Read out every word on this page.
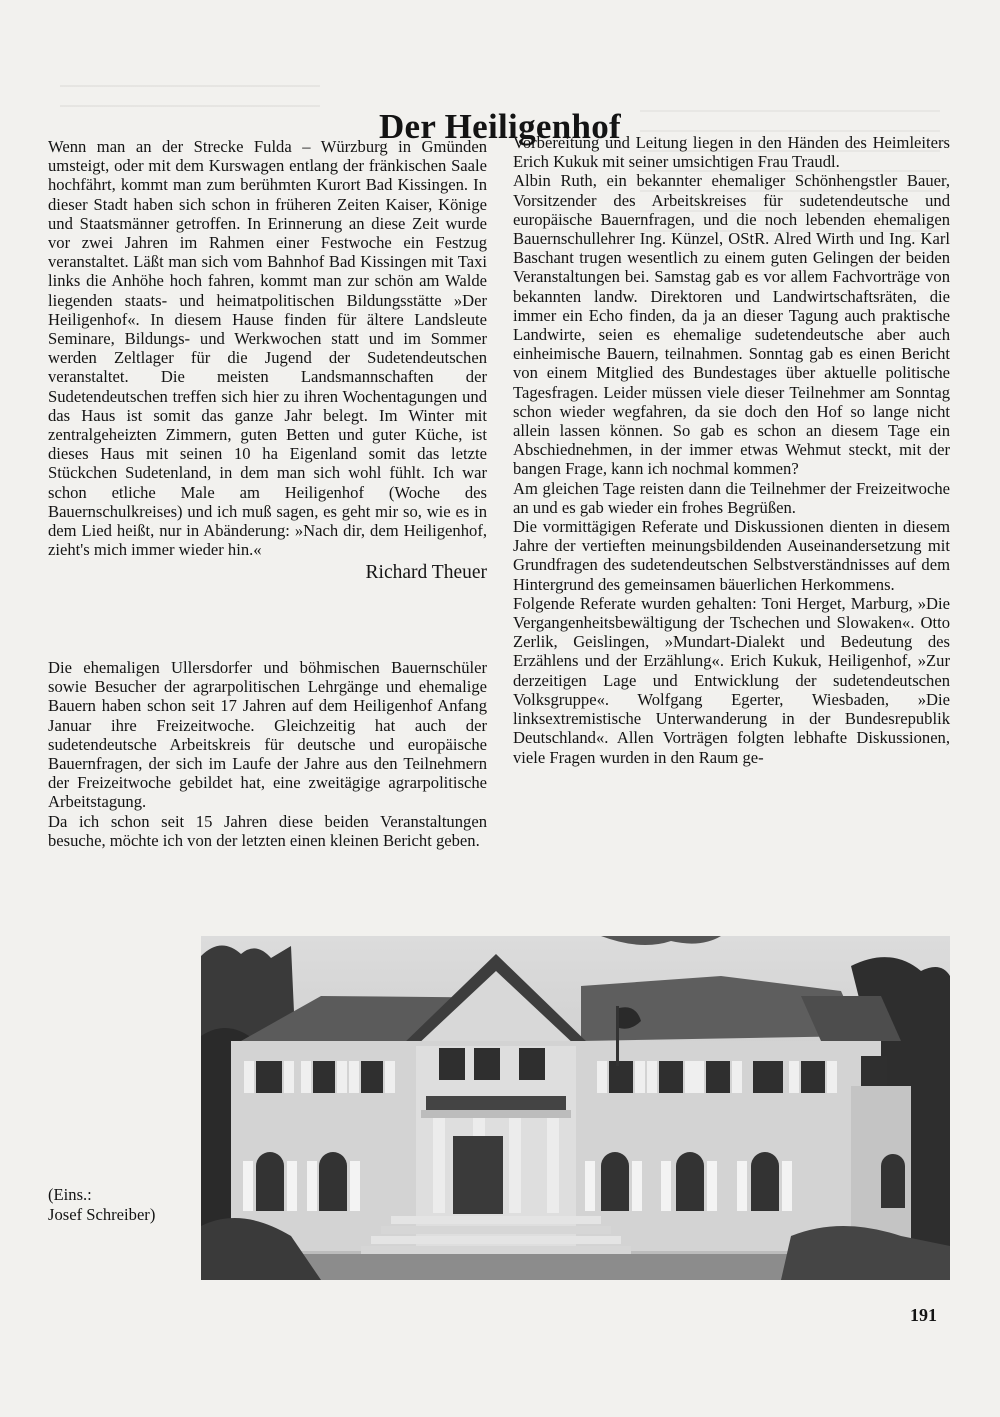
Der Heiligenhof

Wenn man an der Strecke Fulda – Würzburg in Gmünden umsteigt, oder mit dem Kurswagen entlang der fränkischen Saale hochfährt, kommt man zum berühmten Kurort Bad Kissingen. In dieser Stadt haben sich schon in früheren Zeiten Kaiser, Könige und Staatsmänner getroffen. In Erinnerung an diese Zeit wurde vor zwei Jahren im Rahmen einer Festwoche ein Festzug veranstaltet. Läßt man sich vom Bahnhof Bad Kissingen mit Taxi links die Anhöhe hoch fahren, kommt man zur schön am Walde liegenden staats- und heimatpolitischen Bildungsstätte »Der Heiligenhof«. In diesem Hause finden für ältere Landsleute Seminare, Bildungs- und Werkwochen statt und im Sommer werden Zeltlager für die Jugend der Sudetendeutschen veranstaltet. Die meisten Landsmannschaften der Sudetendeutschen treffen sich hier zu ihren Wochentagungen und das Haus ist somit das ganze Jahr belegt. Im Winter mit zentralgeheizten Zimmern, guten Betten und guter Küche, ist dieses Haus mit seinen 10 ha Eigenland somit das letzte Stückchen Sudetenland, in dem man sich wohl fühlt. Ich war schon etliche Male am Heiligenhof (Woche des Bauernschulkreises) und ich muß sagen, es geht mir so, wie es in dem Lied heißt, nur in Abänderung: »Nach dir, dem Heiligenhof, zieht's mich immer wieder hin.«

Richard Theuer

Die ehemaligen Ullersdorfer und böhmischen Bauernschüler sowie Besucher der agrarpolitischen Lehrgänge und ehemalige Bauern haben schon seit 17 Jahren auf dem Heiligenhof Anfang Januar ihre Freizeitwoche. Gleichzeitig hat auch der sudetendeutsche Arbeitskreis für deutsche und europäische Bauernfragen, der sich im Laufe der Jahre aus den Teilnehmern der Freizeitwoche gebildet hat, eine zweitägige agrarpolitische Arbeitstagung.

Da ich schon seit 15 Jahren diese beiden Veranstaltungen besuche, möchte ich von der letzten einen kleinen Bericht geben.

Vorbereitung und Leitung liegen in den Händen des Heimleiters Erich Kukuk mit seiner umsichtigen Frau Traudl.

Albin Ruth, ein bekannter ehemaliger Schönhengstler Bauer, Vorsitzender des Arbeitskreises für sudetendeutsche und europäische Bauernfragen, und die noch lebenden ehemaligen Bauernschullehrer Ing. Künzel, OStR. Alred Wirth und Ing. Karl Baschant trugen wesentlich zu einem guten Gelingen der beiden Veranstaltungen bei. Samstag gab es vor allem Fachvorträge von bekannten landw. Direktoren und Landwirtschaftsräten, die immer ein Echo finden, da ja an dieser Tagung auch praktische Landwirte, seien es ehemalige sudetendeutsche aber auch einheimische Bauern, teilnahmen. Sonntag gab es einen Bericht von einem Mitglied des Bundestages über aktuelle politische Tagesfragen. Leider müssen viele dieser Teilnehmer am Sonntag schon wieder wegfahren, da sie doch den Hof so lange nicht allein lassen können. So gab es schon an diesem Tage ein Abschiednehmen, in der immer etwas Wehmut steckt, mit der bangen Frage, kann ich nochmal kommen?

Am gleichen Tage reisten dann die Teilnehmer der Freizeitwoche an und es gab wieder ein frohes Begrüßen.

Die vormittägigen Referate und Diskussionen dienten in diesem Jahre der vertieften meinungsbildenden Auseinandersetzung mit Grundfragen des sudetendeutschen Selbstverständnisses auf dem Hintergrund des gemeinsamen bäuerlichen Herkommens.

Folgende Referate wurden gehalten: Toni Herget, Marburg, »Die Vergangenheitsbewältigung der Tschechen und Slowaken«. Otto Zerlik, Geislingen, »Mundart-Dialekt und Bedeutung des Erzählens und der Erzählung«. Erich Kukuk, Heiligenhof, »Zur derzeitigen Lage und Entwicklung der sudetendeutschen Volksgruppe«. Wolfgang Egerter, Wiesbaden, »Die linksextremistische Unterwanderung in der Bundesrepublik Deutschland«. Allen Vorträgen folgten lebhafte Diskussionen, viele Fragen wurden in den Raum ge-

(Eins.:
Josef Schreiber)
191
